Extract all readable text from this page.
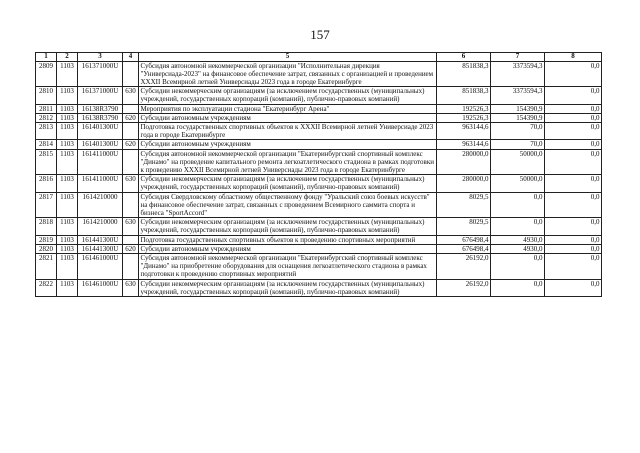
157
1	2	3	4	5	6	7	8
2809	1103	161371000U		Субсидия автономной некоммерческой организации "Исполнительная дирекция "Универсиада-2023" на финансовое обеспечение затрат, связанных с организацией и проведением XXXII Всемирной летней Универсиады 2023 года в городе Екатеринбурге	851838,3	3373594,3	0,0
2810	1103	161371000U	630	Субсидии некоммерческим организациям (за исключением государственных (муниципальных) учреждений, государственных корпораций (компаний), публично-правовых компаний)	851838,3	3373594,3	0,0
2811	1103	16138R3790		Мероприятия по эксплуатации стадиона "Екатеринбург Арена"	192526,3	154390,9	0,0
2812	1103	16138R3790	620	Субсидии автономным учреждениям	192526,3	154390,9	0,0
2813	1103	161401300U		Подготовка государственных спортивных объектов к XXXII Всемирной летней Универсиаде 2023 года в городе Екатеринбурге	963144,6	70,0	0,0
2814	1103	161401300U	620	Субсидии автономным учреждениям	963144,6	70,0	0,0
2815	1103	161411000U		Субсидия автономной некоммерческой организации "Екатеринбургский спортивный комплекс "Динамо" на проведение капитального ремонта легкоатлетического стадиона в рамках подготовки к проведению XXXII Всемирной летней Универсиады 2023 года в городе Екатеринбурге	280000,0	50000,0	0,0
2816	1103	161411000U	630	Субсидии некоммерческим организациям (за исключением государственных (муниципальных) учреждений, государственных корпораций (компаний), публично-правовых компаний)	280000,0	50000,0	0,0
2817	1103	1614210000		Субсидия Свердловскому областному общественному фонду "Уральский союз боевых искусств" на финансовое обеспечение затрат, связанных с проведением Всемирного саммита спорта и бизнеса "SportAccord"	8029,5	0,0	0,0
2818	1103	1614210000	630	Субсидии некоммерческим организациям (за исключением государственных (муниципальных) учреждений, государственных корпораций (компаний), публично-правовых компаний)	8029,5	0,0	0,0
2819	1103	161441300U		Подготовка государственных спортивных объектов к проведению спортивных мероприятий	676498,4	4930,0	0,0
2820	1103	161441300U	620	Субсидии автономным учреждениям	676498,4	4930,0	0,0
2821	1103	161461000U		Субсидия автономной некоммерческой организации "Екатеринбургский спортивный комплекс "Динамо" на приобретение оборудования для оснащения легкоатлетического стадиона в рамках подготовки к проведению спортивных мероприятий	26192,0	0,0	0,0
2822	1103	161461000U	630	Субсидии некоммерческим организациям (за исключением государственных (муниципальных) учреждений, государственных корпораций (компаний), публично-правовых компаний)	26192,0	0,0	0,0
